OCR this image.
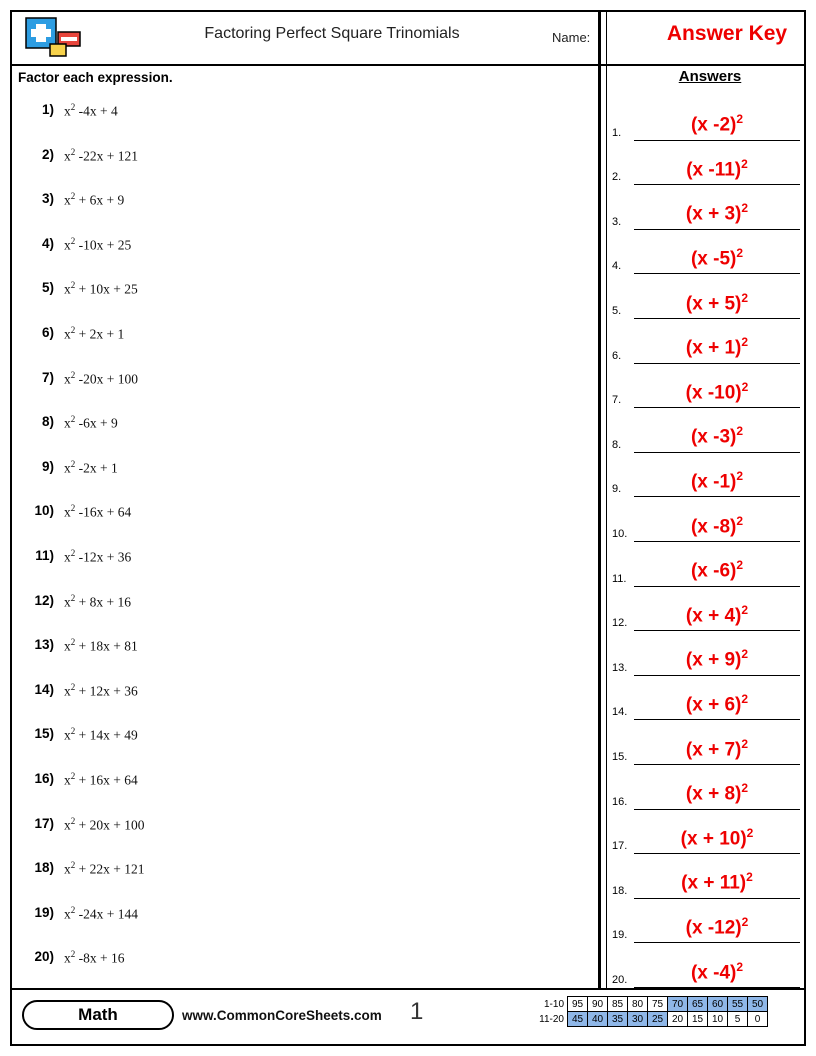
Factoring Perfect Square Trinomials	Name:	Answer Key
Factor each expression.
1) $x^2$ -4x + 4
2) $x^2$ -22x + 121
3) $x^2 + 6x + 9$
4) $x^2$ -10x + 25
5) $x^2 + 10x + 25$
6) $x^2 + 2x + 1$
7) $x^2$ -20x + 100
8) $x^2$ -6x + 9
9) $x^2$ -2x + 1
10) $x^2$ -16x + 64
11) $x^2$ -12x + 36
12) $x^2 + 8x + 16$
13) $x^2 + 18x + 81$
14) $x^2 + 12x + 36$
15) $x^2 + 14x + 49$
16) $x^2 + 16x + 64$
17) $x^2 + 20x + 100$
18) $x^2 + 22x + 121$
19) $x^2$ -24x + 144
20) $x^2$ -8x + 16
Answers
1.	(x -2)$^2$
2.	(x -11)$^2$
3.	$(x + 3)^2$
4.	(x -5)$^2$
5.	$(x + 5)^2$
6.	$(x + 1)^2$
7.	(x -10)$^2$
8.	(x -3)$^2$
9.	(x -1)$^2$
10.	(x -8)$^2$
11.	(x -6)$^2$
12.	$(x + 4)^2$
13.	$(x + 9)^2$
14.	$(x + 6)^2$
15.	$(x + 7)^2$
16.	$(x + 8)^2$
17.	$(x + 10)^2$
18.	$(x + 11)^2$
19.	(x -12)$^2$
20.	(x -4)$^2$
Math	www.CommonCoreSheets.com 1	1-10	95	90	85	80	75	70	65	60	55	50
11-20	45	40	35	30	25	20	15	10	5	0
